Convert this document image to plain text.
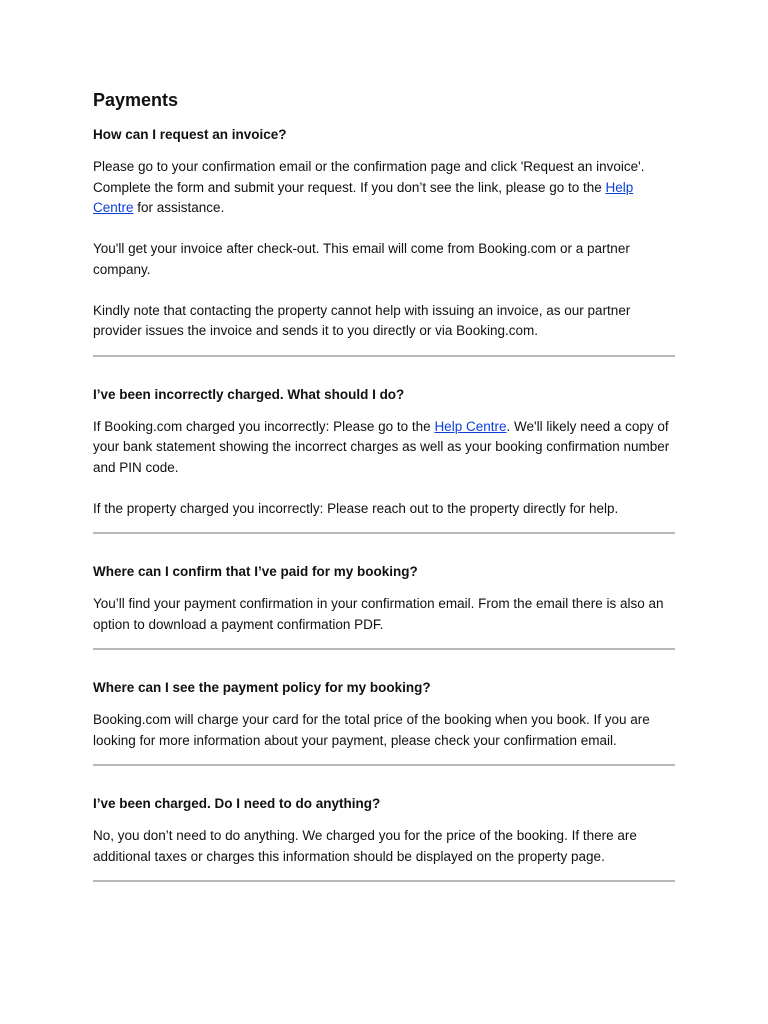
Payments
How can I request an invoice?

Please go to your confirmation email or the confirmation page and click 'Request an invoice'. Complete the form and submit your request. If you don’t see the link, please go to the Help Centre for assistance.

You'll get your invoice after check-out. This email will come from Booking.com or a partner company.

Kindly note that contacting the property cannot help with issuing an invoice, as our partner provider issues the invoice and sends it to you directly or via Booking.com.

I’ve been incorrectly charged. What should I do?

If Booking.com charged you incorrectly: Please go to the Help Centre. We'll likely need a copy of your bank statement showing the incorrect charges as well as your booking confirmation number and PIN code.

If the property charged you incorrectly: Please reach out to the property directly for help.

Where can I confirm that I’ve paid for my booking?

You’ll find your payment confirmation in your confirmation email. From the email there is also an option to download a payment confirmation PDF.

Where can I see the payment policy for my booking?

Booking.com will charge your card for the total price of the booking when you book. If you are looking for more information about your payment, please check your confirmation email.

I’ve been charged. Do I need to do anything?

No, you don’t need to do anything. We charged you for the price of the booking. If there are additional taxes or charges this information should be displayed on the property page.
